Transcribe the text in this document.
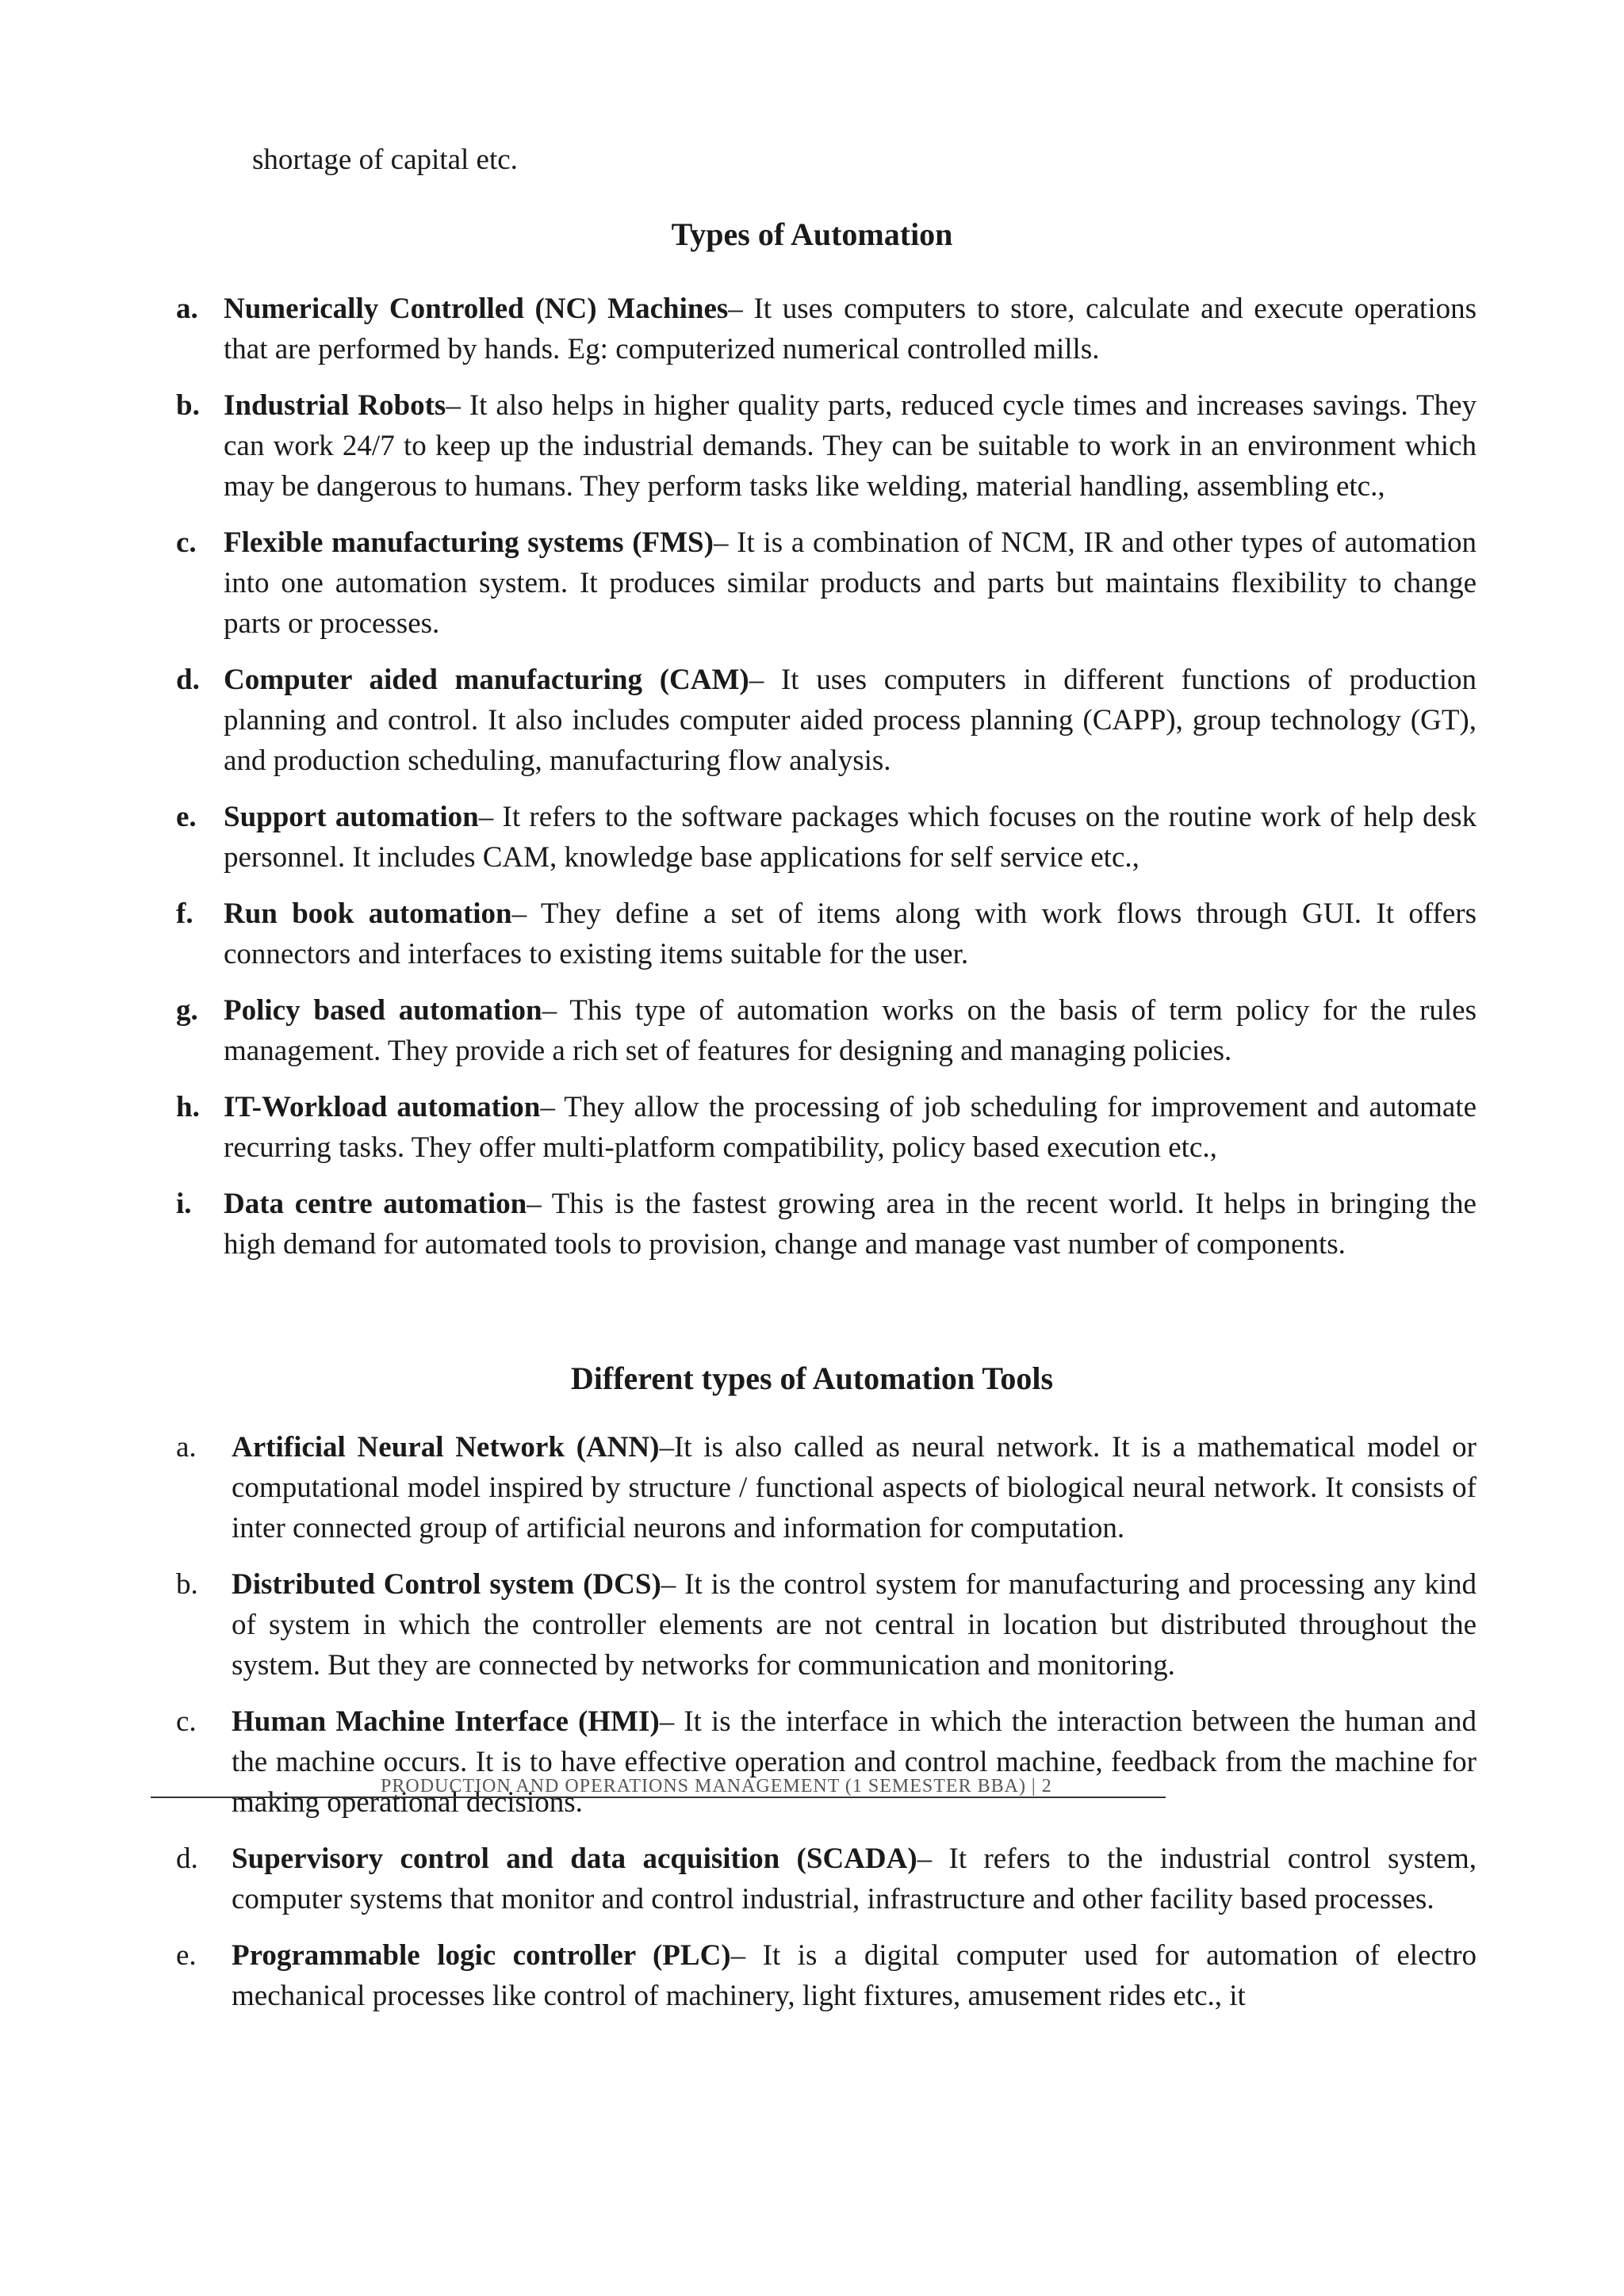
shortage of capital etc.

Types of Automation
a. Numerically Controlled (NC) Machines– It uses computers to store, calculate and execute operations that are performed by hands. Eg: computerized numerical controlled mills.
b. Industrial Robots– It also helps in higher quality parts, reduced cycle times and increases savings. They can work 24/7 to keep up the industrial demands. They can be suitable to work in an environment which may be dangerous to humans. They perform tasks like welding, material handling, assembling etc.,
c. Flexible manufacturing systems (FMS)– It is a combination of NCM, IR and other types of automation into one automation system. It produces similar products and parts but maintains flexibility to change parts or processes.
d. Computer aided manufacturing (CAM)– It uses computers in different functions of production planning and control. It also includes computer aided process planning (CAPP), group technology (GT), and production scheduling, manufacturing flow analysis.
e. Support automation– It refers to the software packages which focuses on the routine work of help desk personnel. It includes CAM, knowledge base applications for self service etc.,
f. Run book automation– They define a set of items along with work flows through GUI. It offers connectors and interfaces to existing items suitable for the user.
g. Policy based automation– This type of automation works on the basis of term policy for the rules management. They provide a rich set of features for designing and managing policies.
h. IT-Workload automation– They allow the processing of job scheduling for improvement and automate recurring tasks. They offer multi-platform compatibility, policy based execution etc.,
i. Data centre automation– This is the fastest growing area in the recent world. It helps in bringing the high demand for automated tools to provision, change and manage vast number of components.
Different types of Automation Tools
a. Artificial Neural Network (ANN)–It is also called as neural network. It is a mathematical model or computational model inspired by structure / functional aspects of biological neural network. It consists of inter connected group of artificial neurons and information for computation.
b. Distributed Control system (DCS)– It is the control system for manufacturing and processing any kind of system in which the controller elements are not central in location but distributed throughout the system. But they are connected by networks for communication and monitoring.
c. Human Machine Interface (HMI)– It is the interface in which the interaction between the human and the machine occurs. It is to have effective operation and control machine, feedback from the machine for making operational decisions.
d. Supervisory control and data acquisition (SCADA)– It refers to the industrial control system, computer systems that monitor and control industrial, infrastructure and other facility based processes.
e. Programmable logic controller (PLC)– It is a digital computer used for automation of electro mechanical processes like control of machinery, light fixtures, amusement rides etc., it
PRODUCTION AND OPERATIONS MANAGEMENT (1 SEMESTER BBA) | 2
